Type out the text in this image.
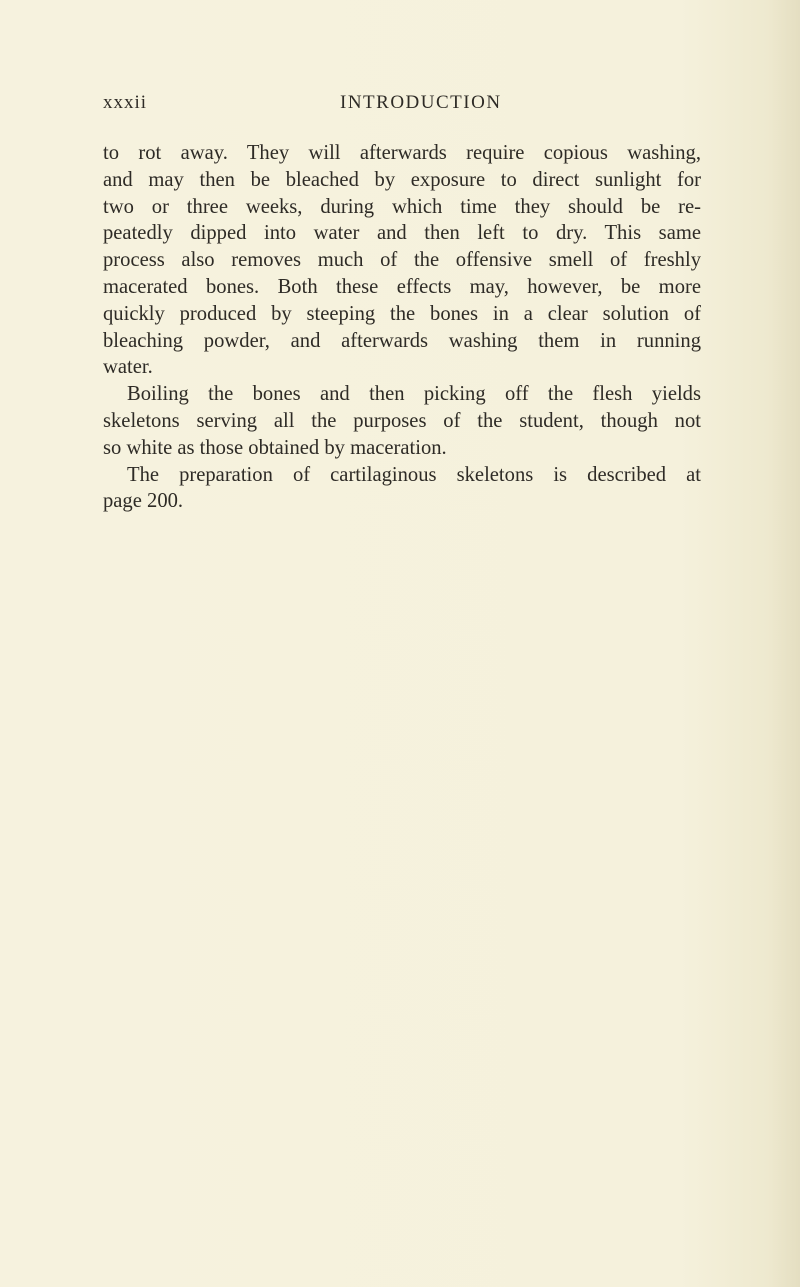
xxxii	INTRODUCTION
to rot away. They will afterwards require copious washing,
and may then be bleached by exposure to direct sunlight for
two or three weeks, during which time they should be re-
peatedly dipped into water and then left to dry. This same
process also removes much of the offensive smell of freshly
macerated bones. Both these effects may, however, be more
quickly produced by steeping the bones in a clear solution of
bleaching powder, and afterwards washing them in running
water.
Boiling the bones and then picking off the flesh yields
skeletons serving all the purposes of the student, though not
so white as those obtained by maceration.
The preparation of cartilaginous skeletons is described at
page 200.
